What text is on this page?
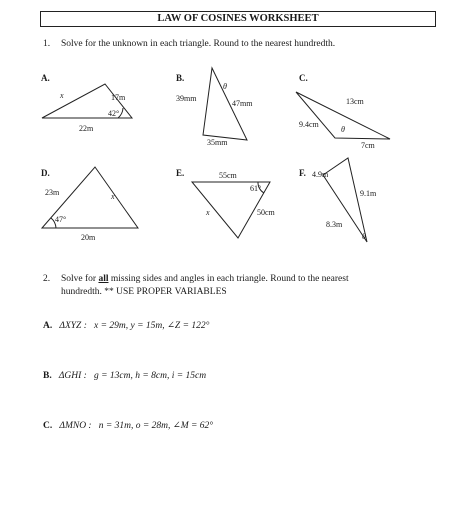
LAW OF COSINES WORKSHEET
1. Solve for the unknown in each triangle. Round to the nearest hundredth.
A.	B.	C.
D.	E.	F.
x	17m
42°
22m
θ
39mm
47mm
35mm
13cm
9.4cm
θ
7cm
23m	x
47°
20m
55cm
61°
x	50cm
4.9m
9.1m
8.3m
θ
2. Solve for all missing sides and angles in each triangle. Round to the nearest
hundredth. ** USE PROPER VARIABLES
A. ΔXYZ : x = 29m, y = 15m, ∠Z = 122°
B. ΔGHI : g = 13cm, h = 8cm, i = 15cm
C. ΔMNO : n = 31m, o = 28m, ∠M = 62°
